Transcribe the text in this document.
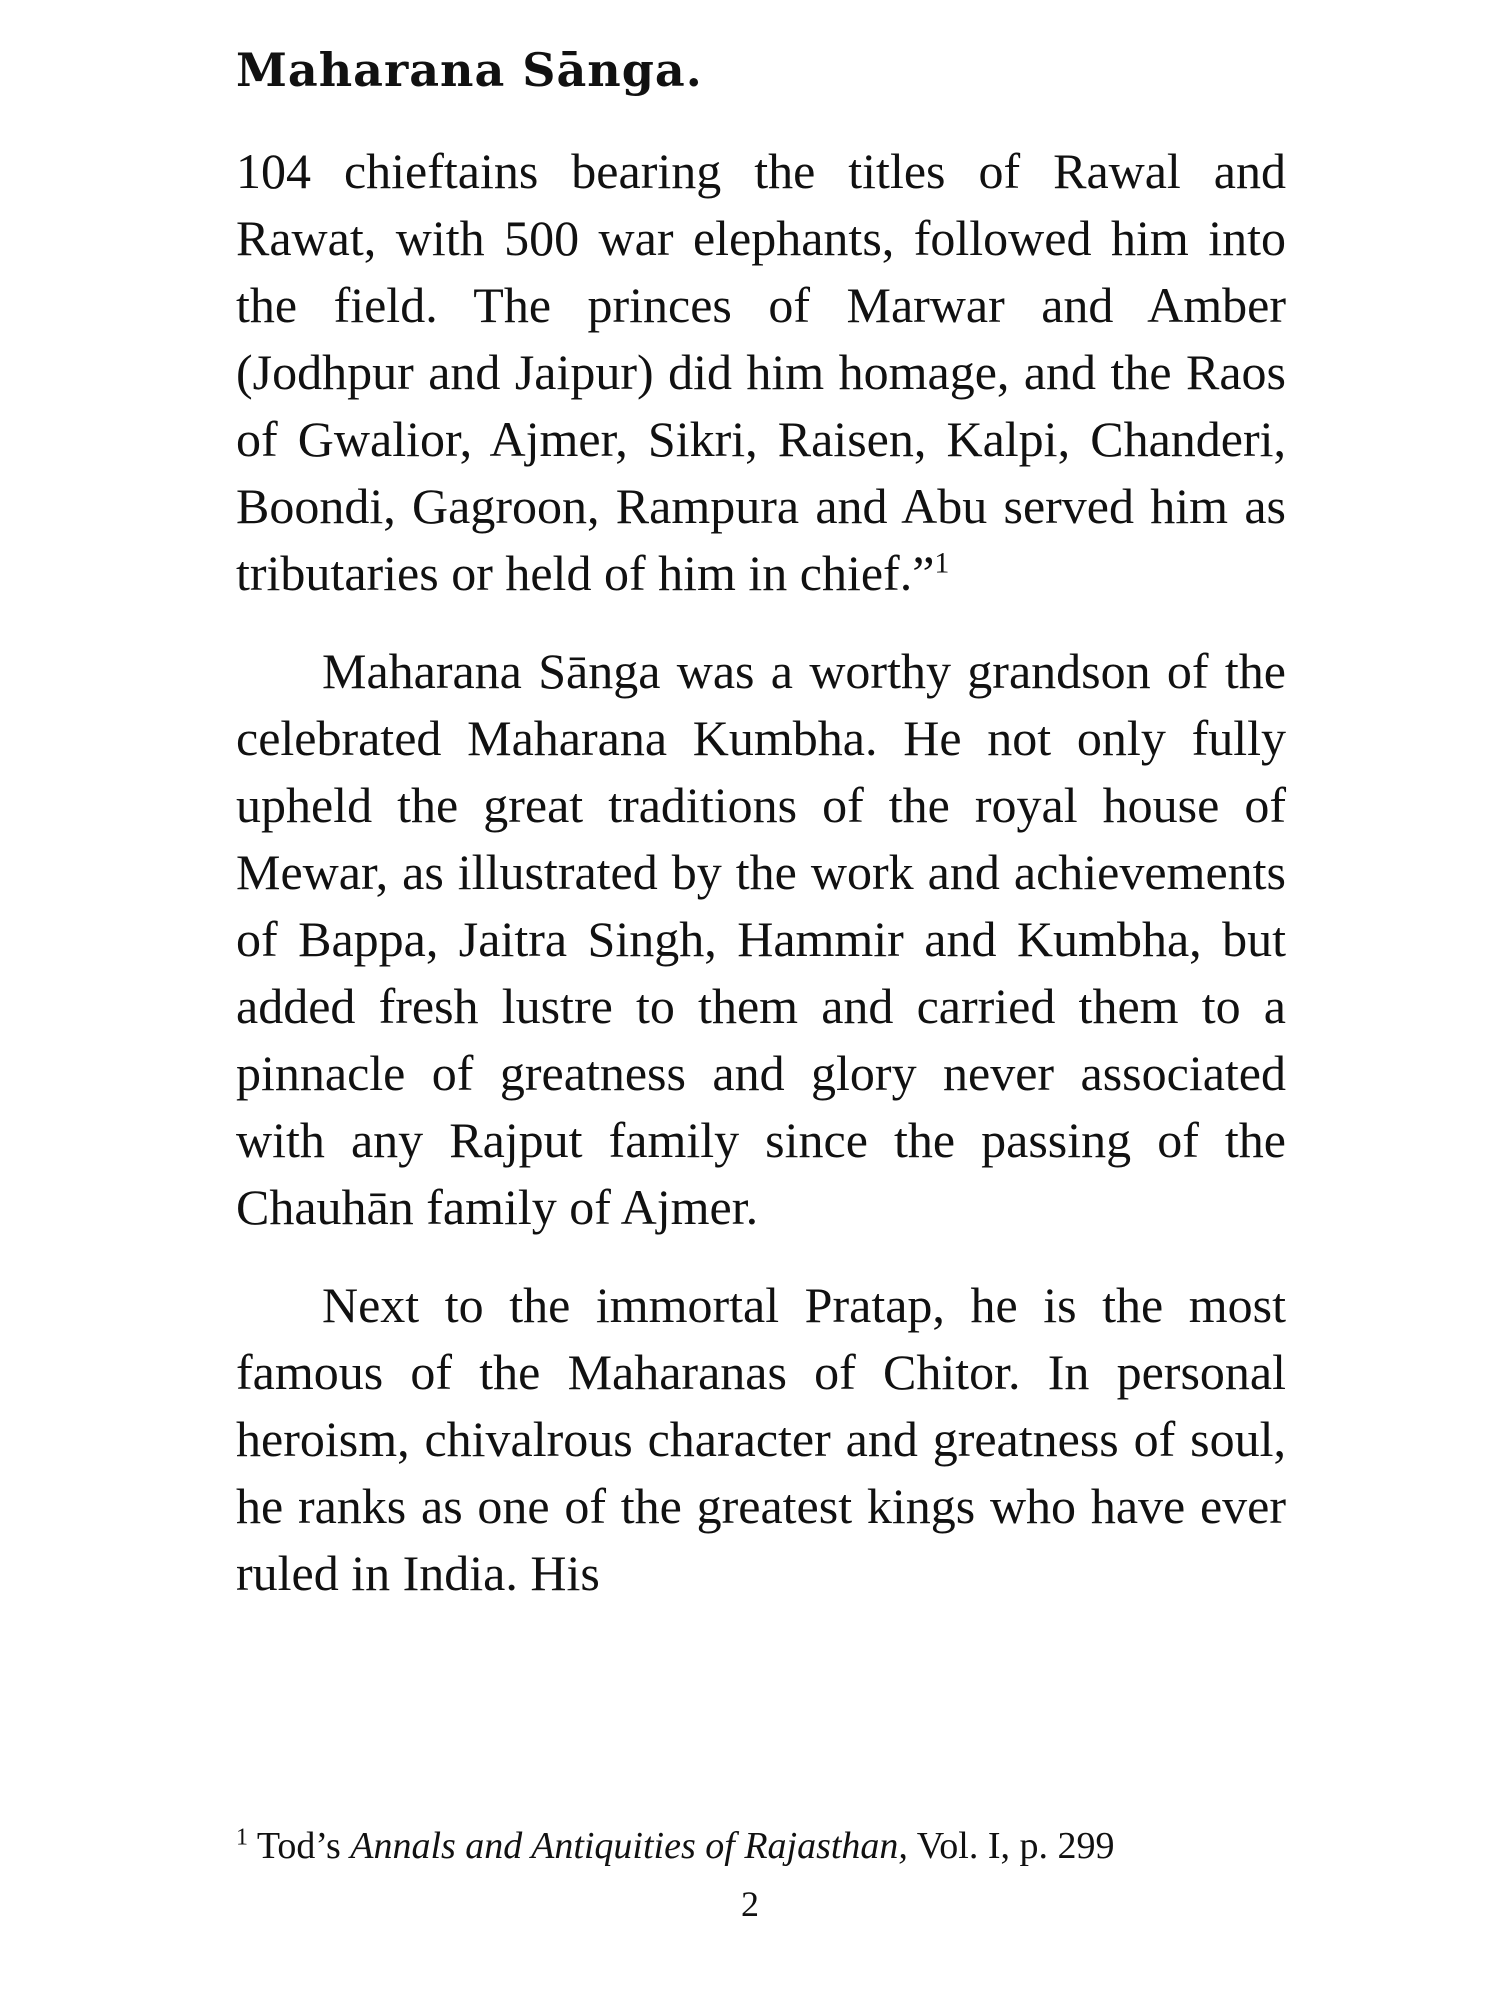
Maharana Sānga.

104 chieftains bearing the titles of Rawal and Rawat, with 500 war elephants, followed him into the field. The princes of Marwar and Amber (Jodhpur and Jaipur) did him homage, and the Raos of Gwalior, Ajmer, Sikri, Raisen, Kalpi, Chanderi, Boondi, Gagroon, Rampura and Abu served him as tributaries or held of him in chief.”$^1$

Maharana Sānga was a worthy grandson of the celebrated Maharana Kumbha. He not only fully upheld the great traditions of the royal house of Mewar, as illustrated by the work and achievements of Bappa, Jaitra Singh, Hammir and Kumbha, but added fresh lustre to them and carried them to a pinnacle of greatness and glory never associated with any Rajput family since the passing of the Chauhān family of Ajmer.

Next to the immortal Pratap, he is the most famous of the Maharanas of Chitor. In personal heroism, chivalrous character and greatness of soul, he ranks as one of the greatest kings who have ever ruled in India. His

$^1$ Tod’s Annals and Antiquities of Rajasthan, Vol. I, p. 299
2
